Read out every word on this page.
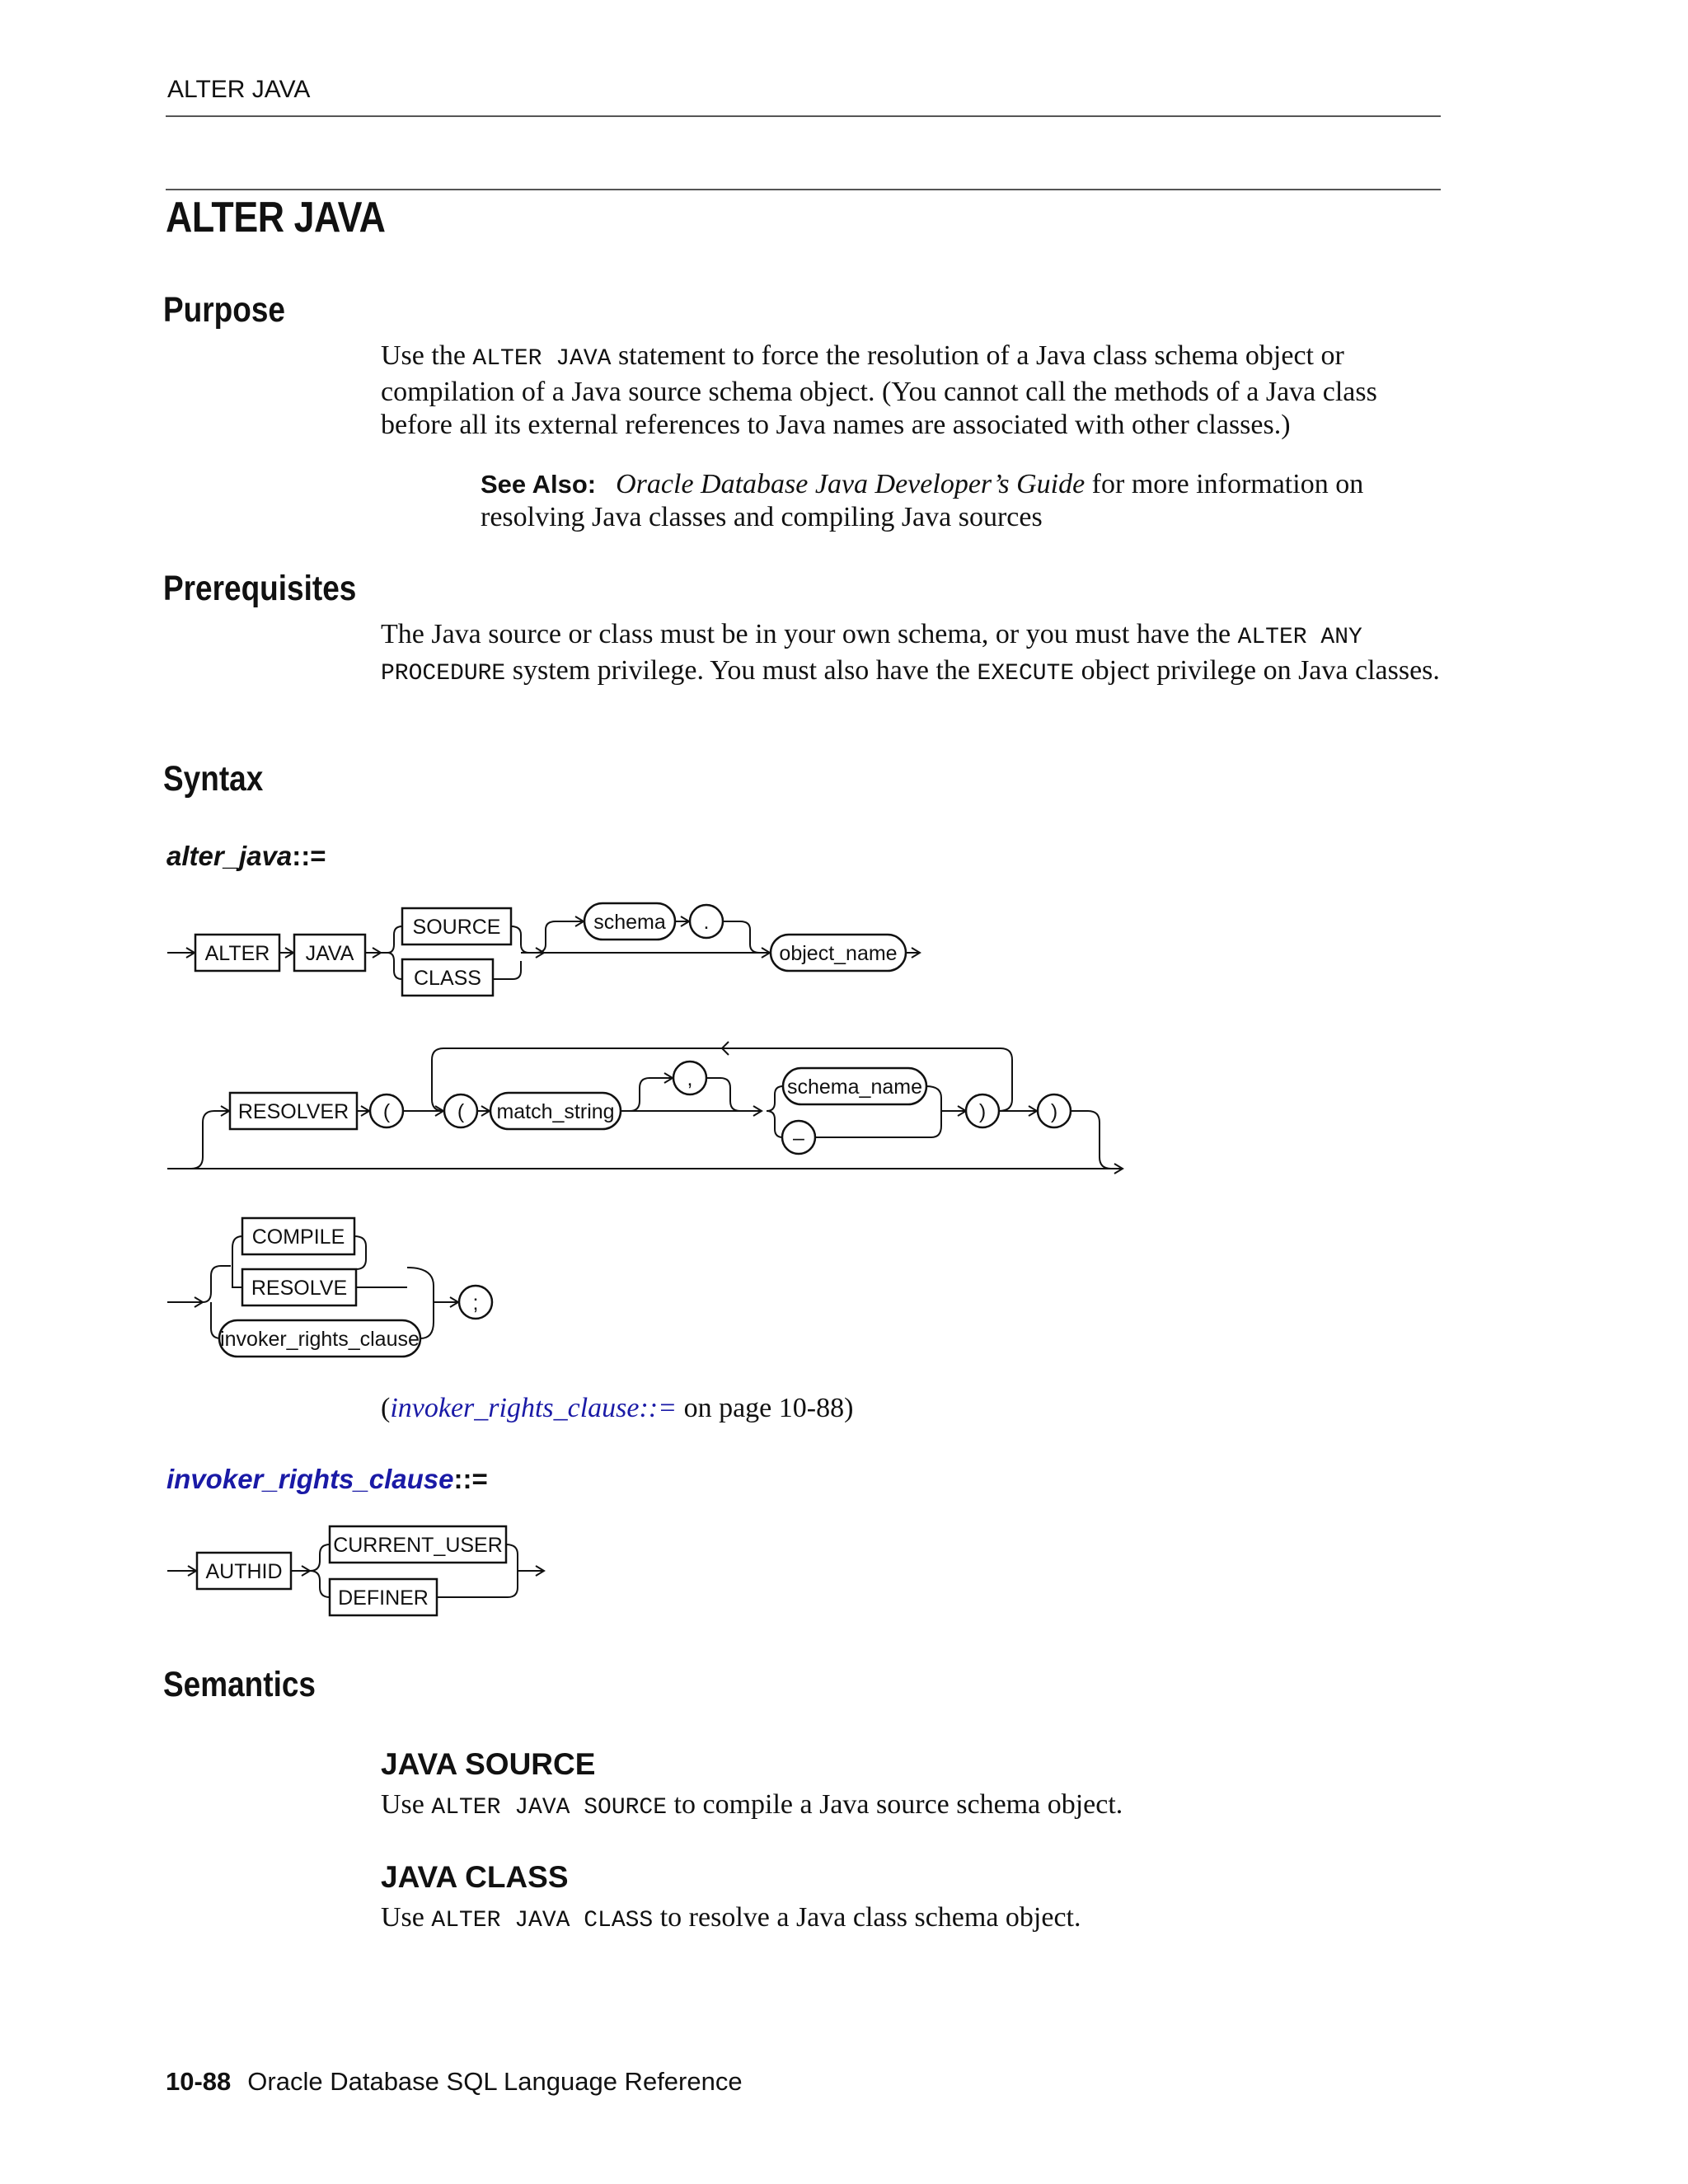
ALTER JAVA
ALTER JAVA
Purpose
Use the ALTER JAVA statement to force the resolution of a Java class schema object or compilation of a Java source schema object. (You cannot call the methods of a Java class before all its external references to Java names are associated with other classes.)
See Also: Oracle Database Java Developer’s Guide for more information on resolving Java classes and compiling Java sources
Prerequisites
The Java source or class must be in your own schema, or you must have the ALTER ANY PROCEDURE system privilege. You must also have the EXECUTE object privilege on Java classes.
Syntax
alter_java::=
ALTER JAVA
SOURCE
CLASS
schema .
object_name
RESOLVER (	( match_string
,	schema_name
–
)	)
COMPILE
RESOLVE
invoker_rights_clause
;
AUTHID
CURRENT_USER
DEFINER
(invoker_rights_clause::= on page 10-88)
invoker_rights_clause::=
Semantics
JAVA SOURCE
Use ALTER JAVA SOURCE to compile a Java source schema object.
JAVA CLASS
Use ALTER JAVA CLASS to resolve a Java class schema object.
10-88 Oracle Database SQL Language Reference
